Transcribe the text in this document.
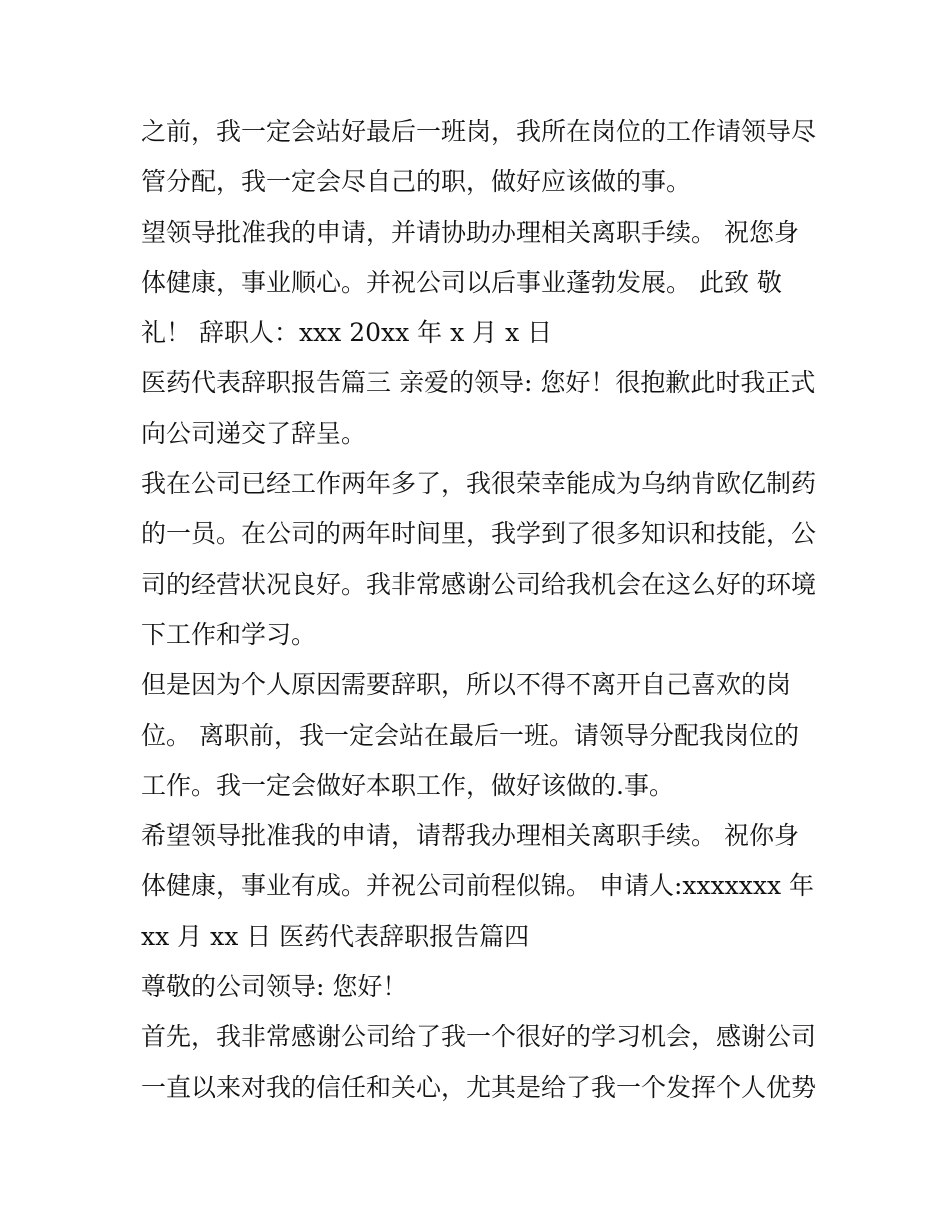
之前，我一定会站好最后一班岗，我所在岗位的工作请领导尽
管分配，我一定会尽自己的职，做好应该做的事。
望领导批准我的申请，并请协助办理相关离职手续。 祝您身
体健康，事业顺心。并祝公司以后事业蓬勃发展。 此致 敬
礼！ 辞职人：xxx 20xx 年 x 月 x 日
医药代表辞职报告篇三 亲爱的领导: 您好！很抱歉此时我正式
向公司递交了辞呈。
我在公司已经工作两年多了，我很荣幸能成为乌纳肯欧亿制药
的一员。在公司的两年时间里，我学到了很多知识和技能，公
司的经营状况良好。我非常感谢公司给我机会在这么好的环境
下工作和学习。
但是因为个人原因需要辞职，所以不得不离开自己喜欢的岗
位。 离职前，我一定会站在最后一班。请领导分配我岗位的
工作。我一定会做好本职工作，做好该做的.事。
希望领导批准我的申请，请帮我办理相关离职手续。 祝你身
体健康，事业有成。并祝公司前程似锦。 申请人:xxxxxxx 年
xx 月 xx 日 医药代表辞职报告篇四
尊敬的公司领导: 您好！
首先，我非常感谢公司给了我一个很好的学习机会，感谢公司
一直以来对我的信任和关心，尤其是给了我一个发挥个人优势
